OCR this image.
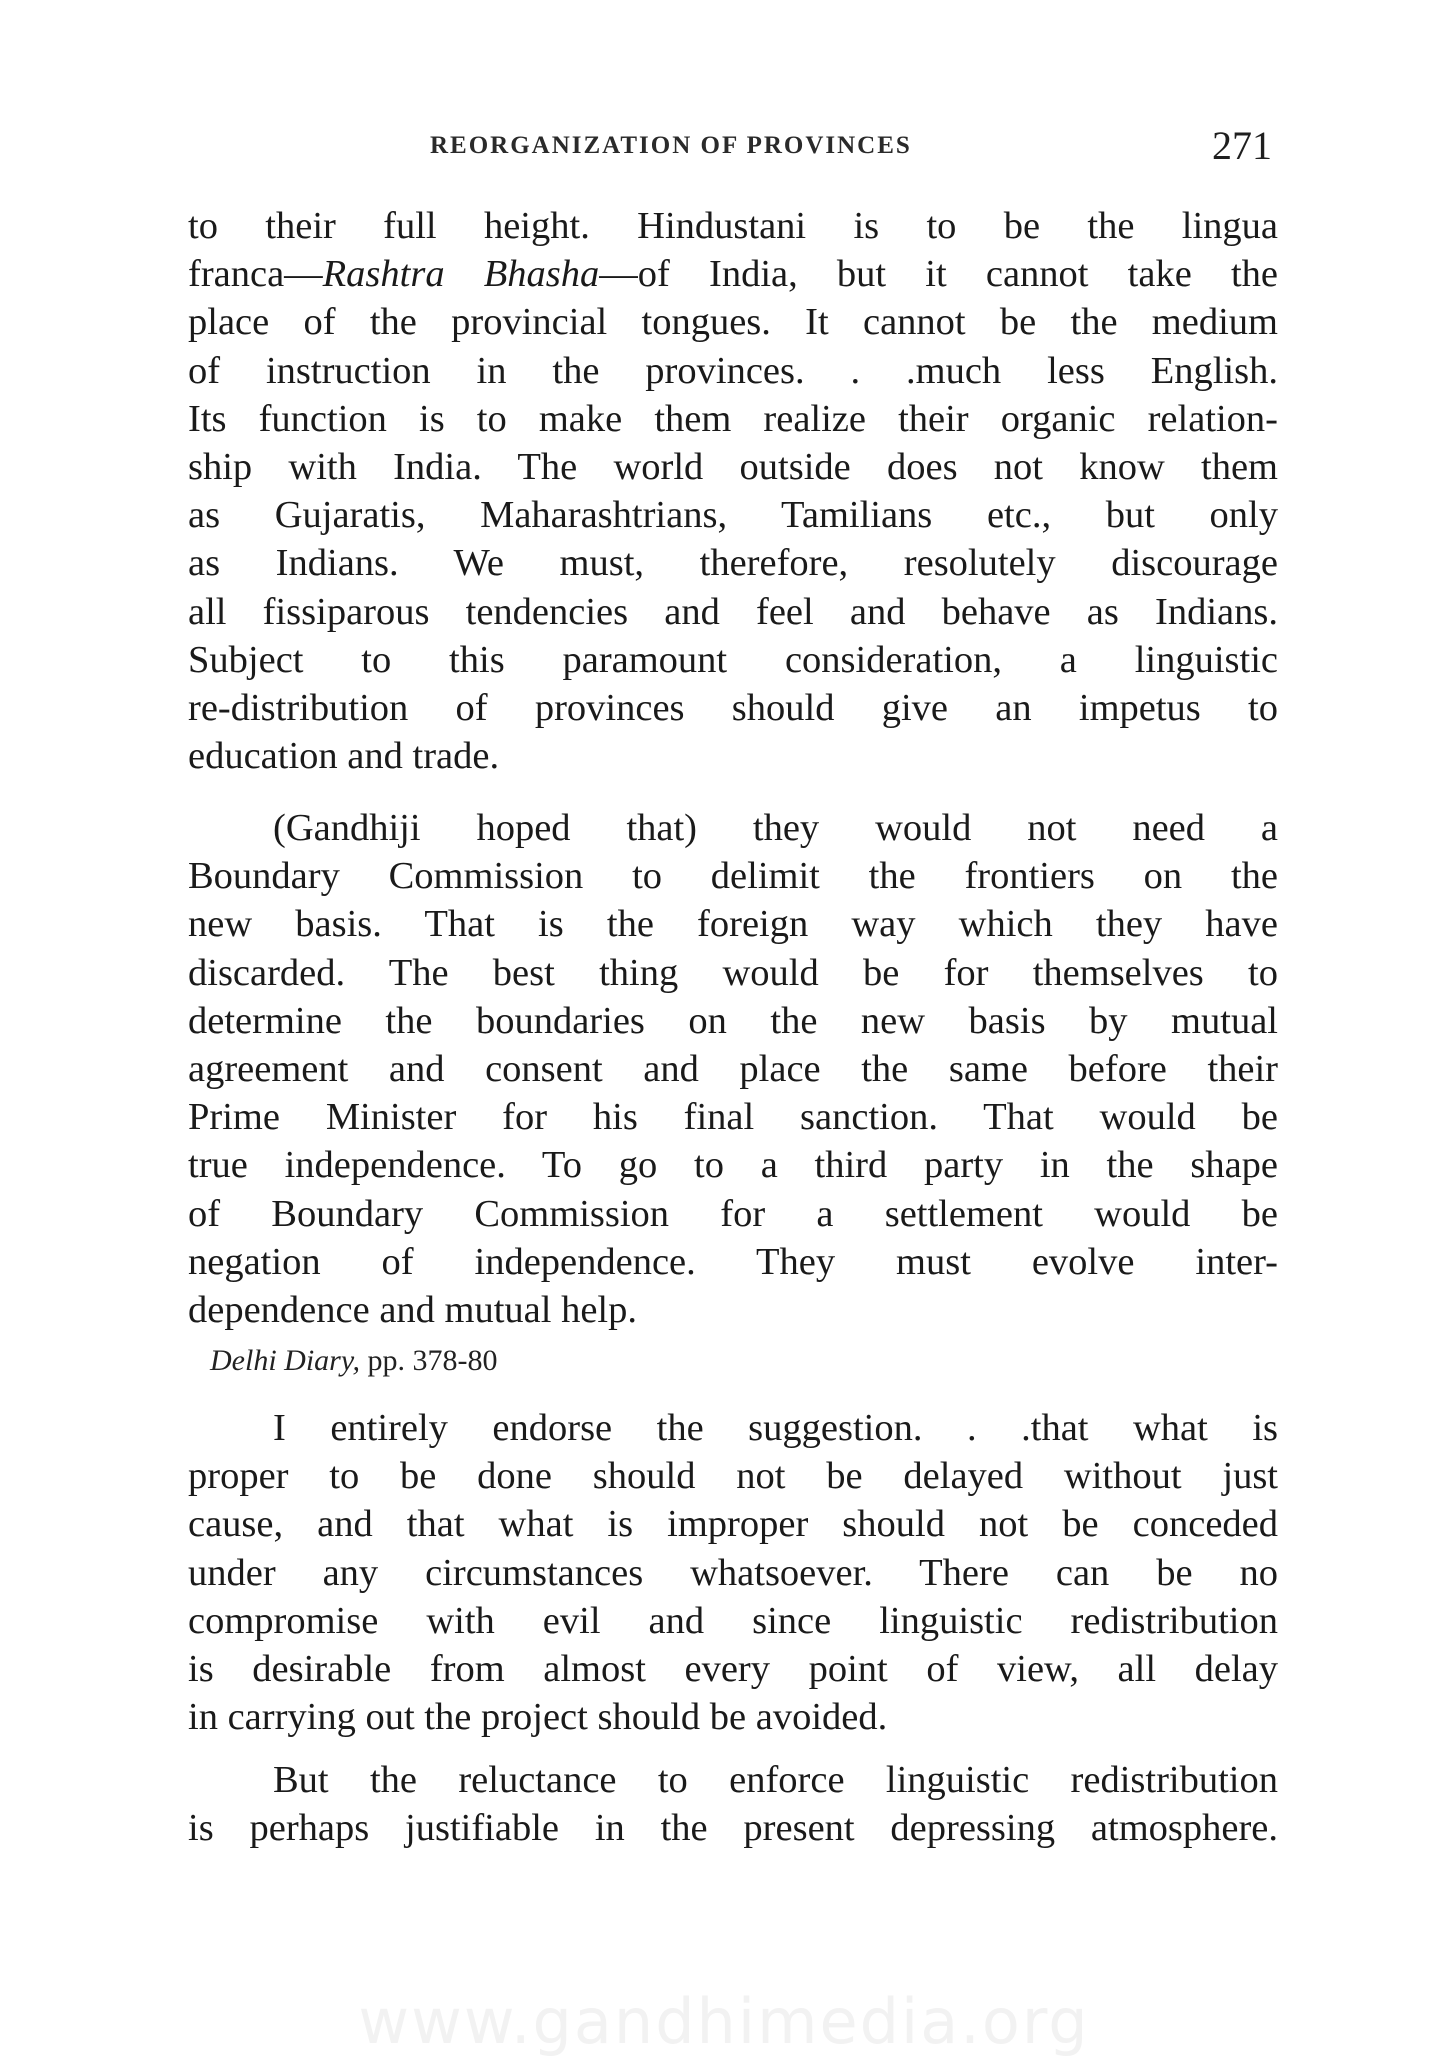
REORGANIZATION OF PROVINCES	271
to their full height. Hindustani is to be the lingua
franca—Rashtra Bhasha—of India, but it cannot take the
place of the provincial tongues. It cannot be the medium
of instruction in the provinces. . .much less English.
Its function is to make them realize their organic relation-
ship with India. The world outside does not know them
as Gujaratis, Maharashtrians, Tamilians etc., but only
as Indians. We must, therefore, resolutely discourage
all fissiparous tendencies and feel and behave as Indians.
Subject to this paramount consideration, a linguistic
re-distribution of provinces should give an impetus to
education and trade.
(Gandhiji hoped that) they would not need a
Boundary Commission to delimit the frontiers on the
new basis. That is the foreign way which they have
discarded. The best thing would be for themselves to
determine the boundaries on the new basis by mutual
agreement and consent and place the same before their
Prime Minister for his final sanction. That would be
true independence. To go to a third party in the shape
of Boundary Commission for a settlement would be
negation of independence. They must evolve inter-
dependence and mutual help.
Delhi Diary, pp. 378-80
I entirely endorse the suggestion. . .that what is
proper to be done should not be delayed without just
cause, and that what is improper should not be conceded
under any circumstances whatsoever. There can be no
compromise with evil and since linguistic redistribution
is desirable from almost every point of view, all delay
in carrying out the project should be avoided.
But the reluctance to enforce linguistic redistribution
is perhaps justifiable in the present depressing atmosphere.
www.gandhimedia.org
